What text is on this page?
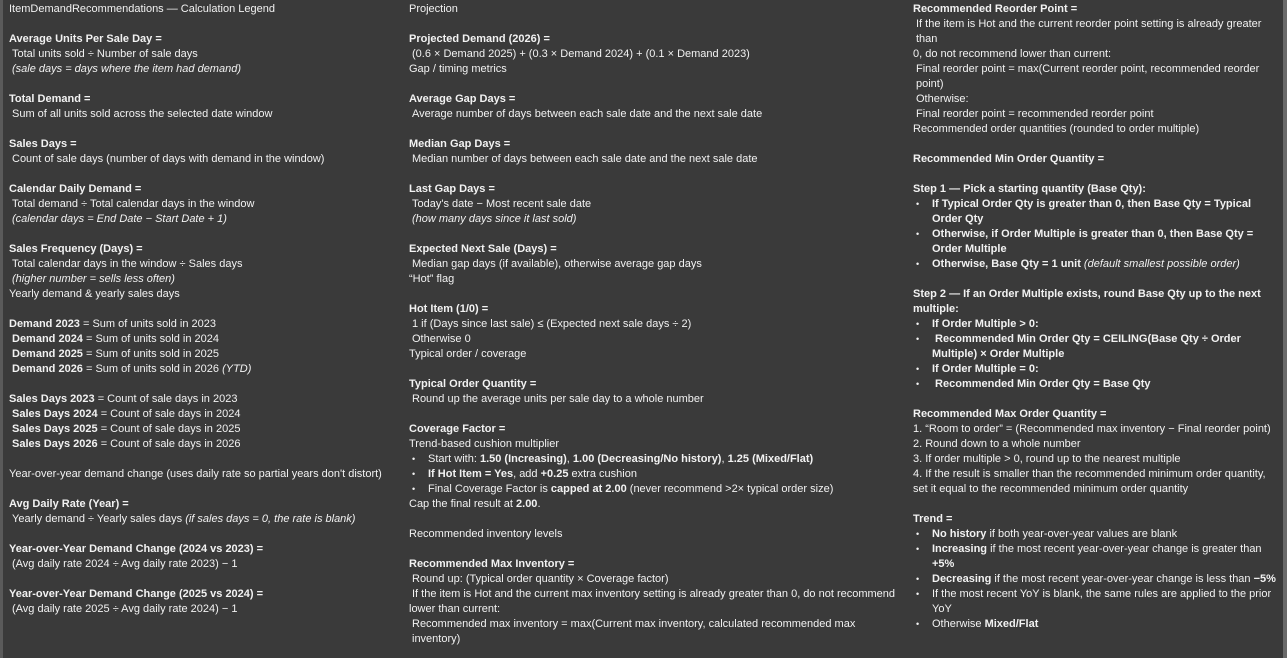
ItemDemandRecommendations — Calculation Legend
Average Units Per Sale Day =
Total units sold ÷ Number of sale days
(sale days = days where the item had demand)
Total Demand =
Sum of all units sold across the selected date window
Sales Days =
Count of sale days (number of days with demand in the window)
Calendar Daily Demand =
Total demand ÷ Total calendar days in the window
(calendar days = End Date − Start Date + 1)
Sales Frequency (Days) =
Total calendar days in the window ÷ Sales days
(higher number = sells less often)
Yearly demand & yearly sales days
Demand 2023 = Sum of units sold in 2023
Demand 2024 = Sum of units sold in 2024
Demand 2025 = Sum of units sold in 2025
Demand 2026 = Sum of units sold in 2026 (YTD)
Sales Days 2023 = Count of sale days in 2023
Sales Days 2024 = Count of sale days in 2024
Sales Days 2025 = Count of sale days in 2025
Sales Days 2026 = Count of sale days in 2026
Year-over-year demand change (uses daily rate so partial years don't distort)
Avg Daily Rate (Year) =
Yearly demand ÷ Yearly sales days (if sales days = 0, the rate is blank)
Year-over-Year Demand Change (2024 vs 2023) =
(Avg daily rate 2024 ÷ Avg daily rate 2023) − 1
Year-over-Year Demand Change (2025 vs 2024) =
(Avg daily rate 2025 ÷ Avg daily rate 2024) − 1
Projection
Projected Demand (2026) =
(0.6 × Demand 2025) + (0.3 × Demand 2024) + (0.1 × Demand 2023)
Gap / timing metrics
Average Gap Days =
Average number of days between each sale date and the next sale date
Median Gap Days =
Median number of days between each sale date and the next sale date
Last Gap Days =
Today's date − Most recent sale date
(how many days since it last sold)
Expected Next Sale (Days) =
Median gap days (if available), otherwise average gap days
“Hot” flag
Hot Item (1/0) =
1 if (Days since last sale) ≤ (Expected next sale days ÷ 2)
Otherwise 0
Typical order / coverage
Typical Order Quantity =
Round up the average units per sale day to a whole number
Coverage Factor =
Trend-based cushion multiplier
• Start with: 1.50 (Increasing), 1.00 (Decreasing/No history), 1.25 (Mixed/Flat)
• If Hot Item = Yes, add +0.25 extra cushion
• Final Coverage Factor is capped at 2.00 (never recommend >2× typical order size)
Cap the final result at 2.00.
Recommended inventory levels
Recommended Max Inventory =
Round up: (Typical order quantity × Coverage factor)
If the item is Hot and the current max inventory setting is already greater than 0, do not recommend
lower than current:
Recommended max inventory = max(Current max inventory, calculated recommended max inventory)
Recommended Reorder Point =
If the item is Hot and the current reorder point setting is already greater than
0, do not recommend lower than current:
Final reorder point = max(Current reorder point, recommended reorder point)
Otherwise:
Final reorder point = recommended reorder point
Recommended order quantities (rounded to order multiple)
Recommended Min Order Quantity =
Step 1 — Pick a starting quantity (Base Qty):
• If Typical Order Qty is greater than 0, then Base Qty = Typical Order Qty
• Otherwise, if Order Multiple is greater than 0, then Base Qty = Order Multiple
• Otherwise, Base Qty = 1 unit (default smallest possible order)
Step 2 — If an Order Multiple exists, round Base Qty up to the next multiple:
• If Order Multiple > 0:
•  Recommended Min Order Qty = CEILING(Base Qty ÷ Order Multiple) × Order Multiple
• If Order Multiple = 0:
•  Recommended Min Order Qty = Base Qty
Recommended Max Order Quantity =
1. “Room to order” = (Recommended max inventory − Final reorder point)
2. Round down to a whole number
3. If order multiple > 0, round up to the nearest multiple
4. If the result is smaller than the recommended minimum order quantity, set it equal to the recommended minimum order quantity
Trend =
• No history if both year-over-year values are blank
• Increasing if the most recent year-over-year change is greater than +5%
• Decreasing if the most recent year-over-year change is less than −5%
• If the most recent YoY is blank, the same rules are applied to the prior YoY
• Otherwise Mixed/Flat
